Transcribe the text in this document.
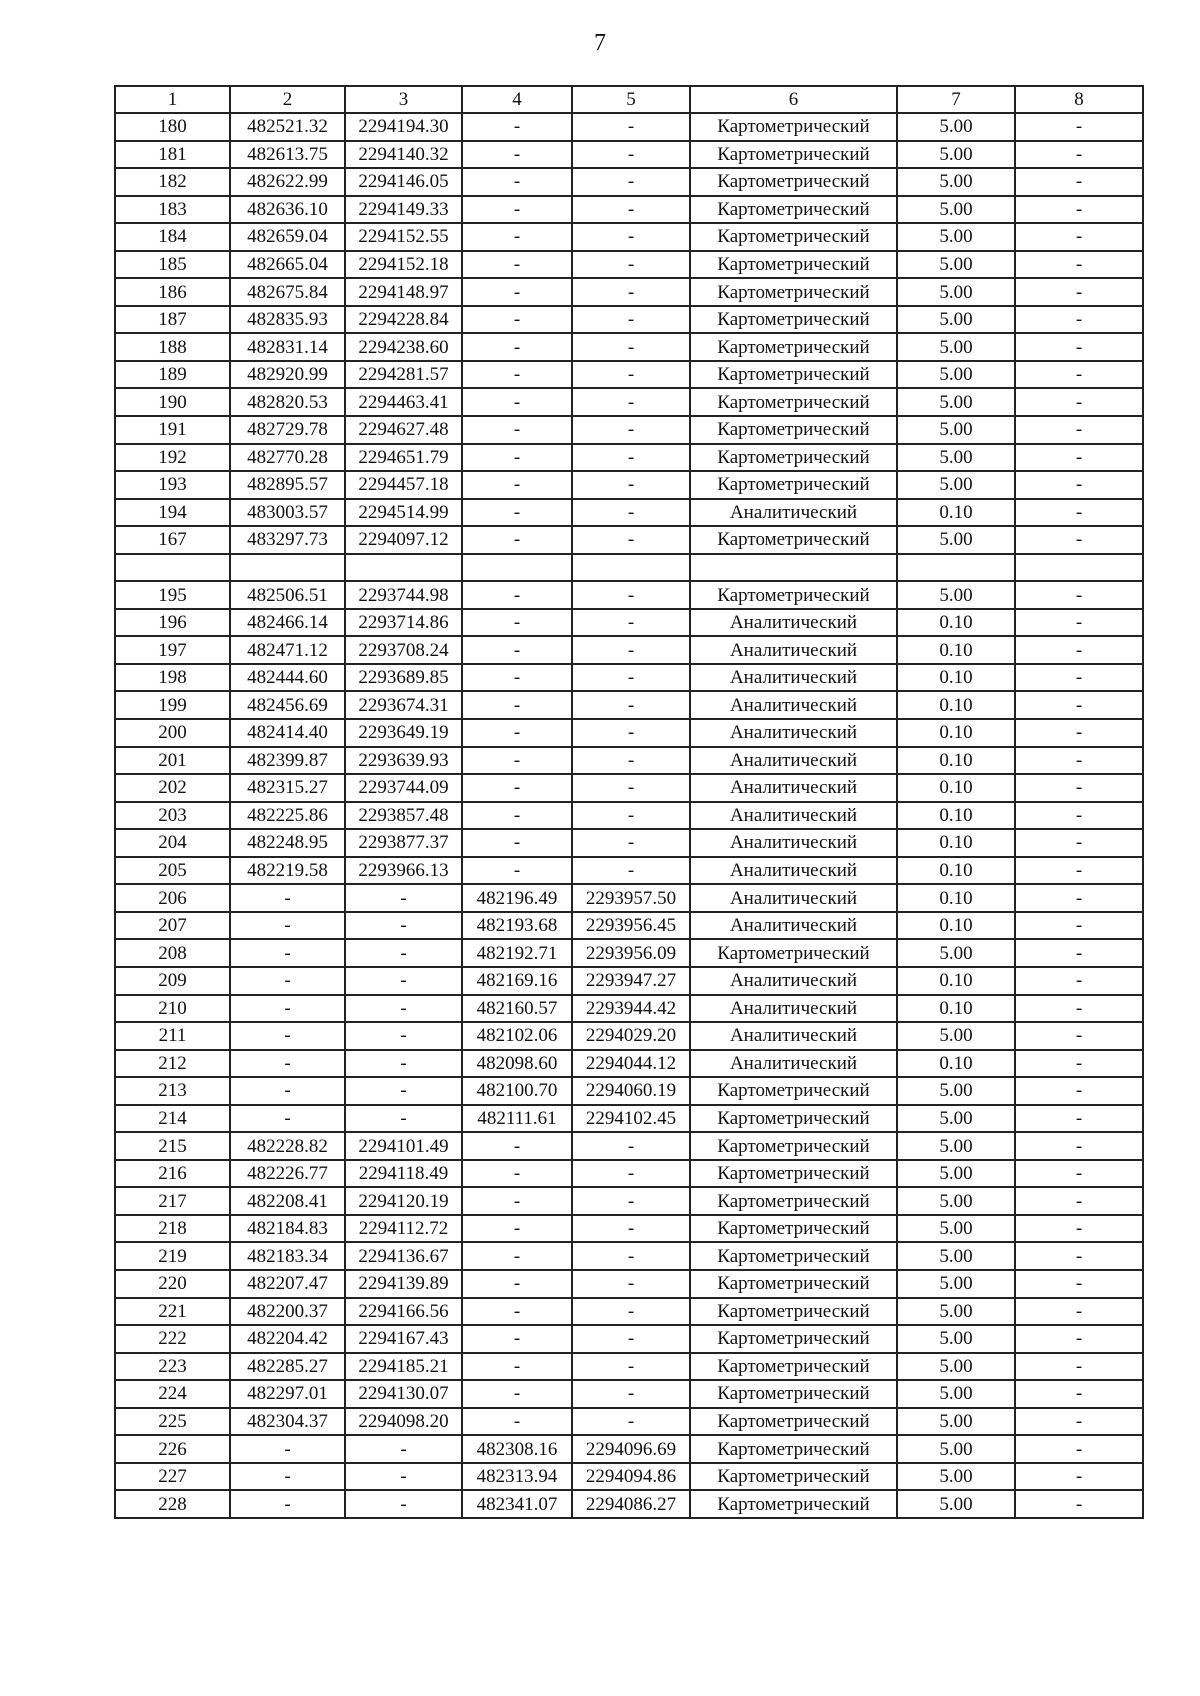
7
1	2	3	4	5	6	7	8
180	482521.32	2294194.30	-	-	Картометрический	5.00	-
181	482613.75	2294140.32	-	-	Картометрический	5.00	-
182	482622.99	2294146.05	-	-	Картометрический	5.00	-
183	482636.10	2294149.33	-	-	Картометрический	5.00	-
184	482659.04	2294152.55	-	-	Картометрический	5.00	-
185	482665.04	2294152.18	-	-	Картометрический	5.00	-
186	482675.84	2294148.97	-	-	Картометрический	5.00	-
187	482835.93	2294228.84	-	-	Картометрический	5.00	-
188	482831.14	2294238.60	-	-	Картометрический	5.00	-
189	482920.99	2294281.57	-	-	Картометрический	5.00	-
190	482820.53	2294463.41	-	-	Картометрический	5.00	-
191	482729.78	2294627.48	-	-	Картометрический	5.00	-
192	482770.28	2294651.79	-	-	Картометрический	5.00	-
193	482895.57	2294457.18	-	-	Картометрический	5.00	-
194	483003.57	2294514.99	-	-	Аналитический	0.10	-
167	483297.73	2294097.12	-	-	Картометрический	5.00	-

195	482506.51	2293744.98	-	-	Картометрический	5.00	-
196	482466.14	2293714.86	-	-	Аналитический	0.10	-
197	482471.12	2293708.24	-	-	Аналитический	0.10	-
198	482444.60	2293689.85	-	-	Аналитический	0.10	-
199	482456.69	2293674.31	-	-	Аналитический	0.10	-
200	482414.40	2293649.19	-	-	Аналитический	0.10	-
201	482399.87	2293639.93	-	-	Аналитический	0.10	-
202	482315.27	2293744.09	-	-	Аналитический	0.10	-
203	482225.86	2293857.48	-	-	Аналитический	0.10	-
204	482248.95	2293877.37	-	-	Аналитический	0.10	-
205	482219.58	2293966.13	-	-	Аналитический	0.10	-
206	-	-	482196.49	2293957.50	Аналитический	0.10	-
207	-	-	482193.68	2293956.45	Аналитический	0.10	-
208	-	-	482192.71	2293956.09	Картометрический	5.00	-
209	-	-	482169.16	2293947.27	Аналитический	0.10	-
210	-	-	482160.57	2293944.42	Аналитический	0.10	-
211	-	-	482102.06	2294029.20	Аналитический	5.00	-
212	-	-	482098.60	2294044.12	Аналитический	0.10	-
213	-	-	482100.70	2294060.19	Картометрический	5.00	-
214	-	-	482111.61	2294102.45	Картометрический	5.00	-
215	482228.82	2294101.49	-	-	Картометрический	5.00	-
216	482226.77	2294118.49	-	-	Картометрический	5.00	-
217	482208.41	2294120.19	-	-	Картометрический	5.00	-
218	482184.83	2294112.72	-	-	Картометрический	5.00	-
219	482183.34	2294136.67	-	-	Картометрический	5.00	-
220	482207.47	2294139.89	-	-	Картометрический	5.00	-
221	482200.37	2294166.56	-	-	Картометрический	5.00	-
222	482204.42	2294167.43	-	-	Картометрический	5.00	-
223	482285.27	2294185.21	-	-	Картометрический	5.00	-
224	482297.01	2294130.07	-	-	Картометрический	5.00	-
225	482304.37	2294098.20	-	-	Картометрический	5.00	-
226	-	-	482308.16	2294096.69	Картометрический	5.00	-
227	-	-	482313.94	2294094.86	Картометрический	5.00	-
228	-	-	482341.07	2294086.27	Картометрический	5.00	-
